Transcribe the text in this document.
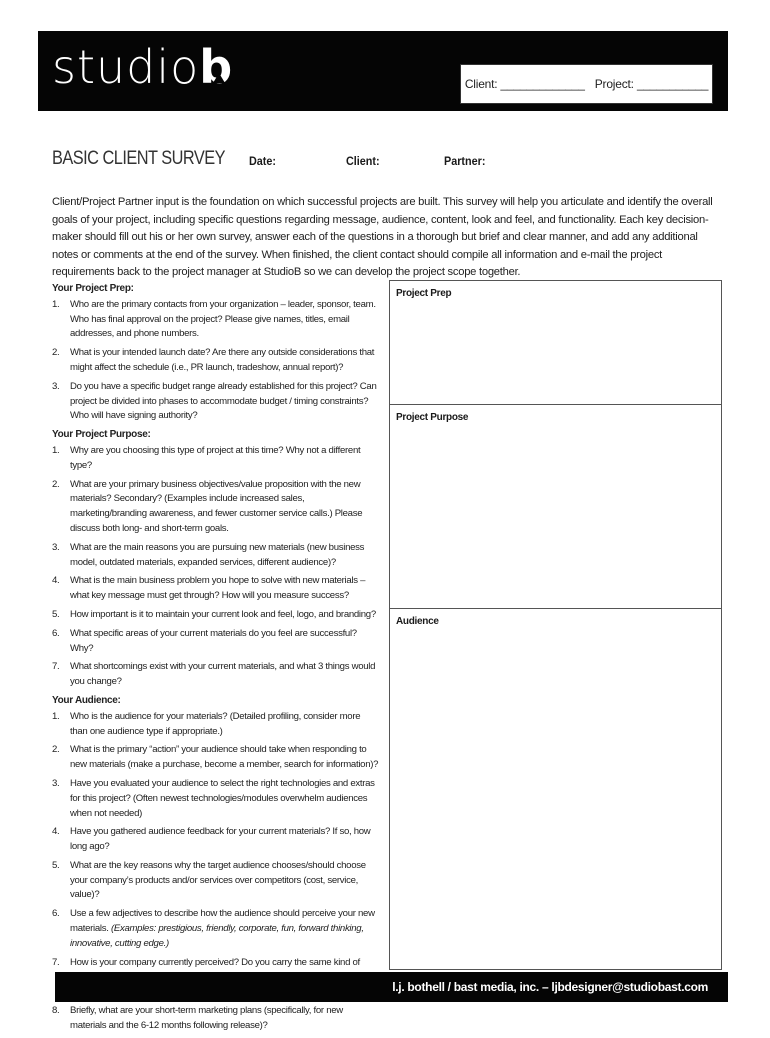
studiob	Client: _____________ Project: ___________
BASIC CLIENT SURVEY Date:	Client:	Partner:
Client/Project Partner input is the foundation on which successful projects are built. This survey will help you articulate and identify the overall goals of your project, including specific questions regarding message, audience, content, look and feel, and functionality. Each key decision-maker should fill out his or her own survey, answer each of the questions in a thorough but brief and clear manner, and add any additional notes or comments at the end of the survey. When finished, the client contact should compile all information and e-mail the project requirements back to the project manager at StudioB so we can develop the project scope together.
Your Project Prep:
1.	Who are the primary contacts from your organization – leader, sponsor, team. Who has final approval on the project? Please give names, titles, email addresses, and phone numbers.
2.	What is your intended launch date? Are there any outside considerations that might affect the schedule (i.e., PR launch, tradeshow, annual report)?
3.	Do you have a specific budget range already established for this project? Can project be divided into phases to accommodate budget / timing constraints? Who will have signing authority?
Your Project Purpose:
1.	Why are you choosing this type of project at this time? Why not a different type?
2.	What are your primary business objectives/value proposition with the new materials? Secondary? (Examples include increased sales, marketing/branding awareness, and fewer customer service calls.) Please discuss both long- and short-term goals.
3.	What are the main reasons you are pursuing new materials (new business model, outdated materials, expanded services, different audience)?
4.	What is the main business problem you hope to solve with new materials – what key message must get through? How will you measure success?
5.	How important is it to maintain your current look and feel, logo, and branding?
6.	What specific areas of your current materials do you feel are successful? Why?
7.	What shortcomings exist with your current materials, and what 3 things would you change?
Your Audience:
1.	Who is the audience for your materials? (Detailed profiling, consider more than one audience type if appropriate.)
2.	What is the primary “action” your audience should take when responding to new materials (make a purchase, become a member, search for information)?
3.	Have you evaluated your audience to select the right technologies and extras for this project? (Often newest technologies/modules overwhelm audiences when not needed)
4.	Have you gathered audience feedback for your current materials? If so, how long ago?
5.	What are the key reasons why the target audience chooses/should choose your company’s products and/or services over competitors (cost, service, value)?
6.	Use a few adjectives to describe how the audience should perceive your new materials. (Examples: prestigious, friendly, corporate, fun, forward thinking, innovative, cutting edge.)
7.	How is your company currently perceived? Do you carry the same kind of
8.	Briefly, what are your short-term marketing plans (specifically, for new materials and the 6-12 months following release)?
Project Prep
Project Purpose
Audience
l.j. bothell / bast media, inc. – ljbdesigner@studiobast.com
